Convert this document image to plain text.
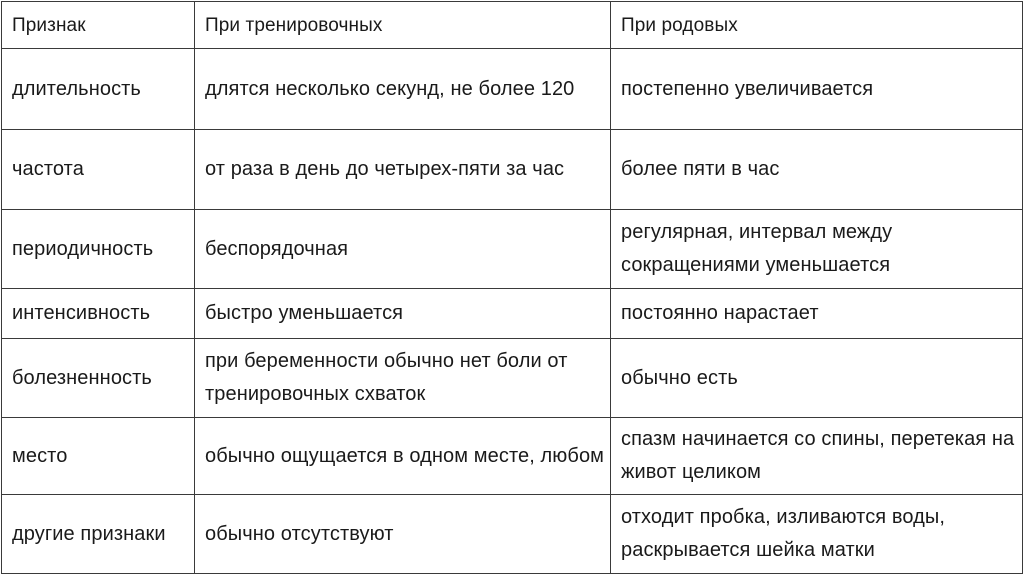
Признак	При тренировочных	При родовых
длительность	длятся несколько секунд, не более 120	постепенно увеличивается
частота	от раза в день до четырех-пяти за час	более пяти в час
периодичность	беспорядочная	регулярная, интервал между сокращениями уменьшается
интенсивность	быстро уменьшается	постоянно нарастает
болезненность	при беременности обычно нет боли от тренировочных схваток	обычно есть
место	обычно ощущается в одном месте, любом	спазм начинается со спины, перетекая на живот целиком
другие признаки	обычно отсутствуют	отходит пробка, изливаются воды, раскрывается шейка матки
